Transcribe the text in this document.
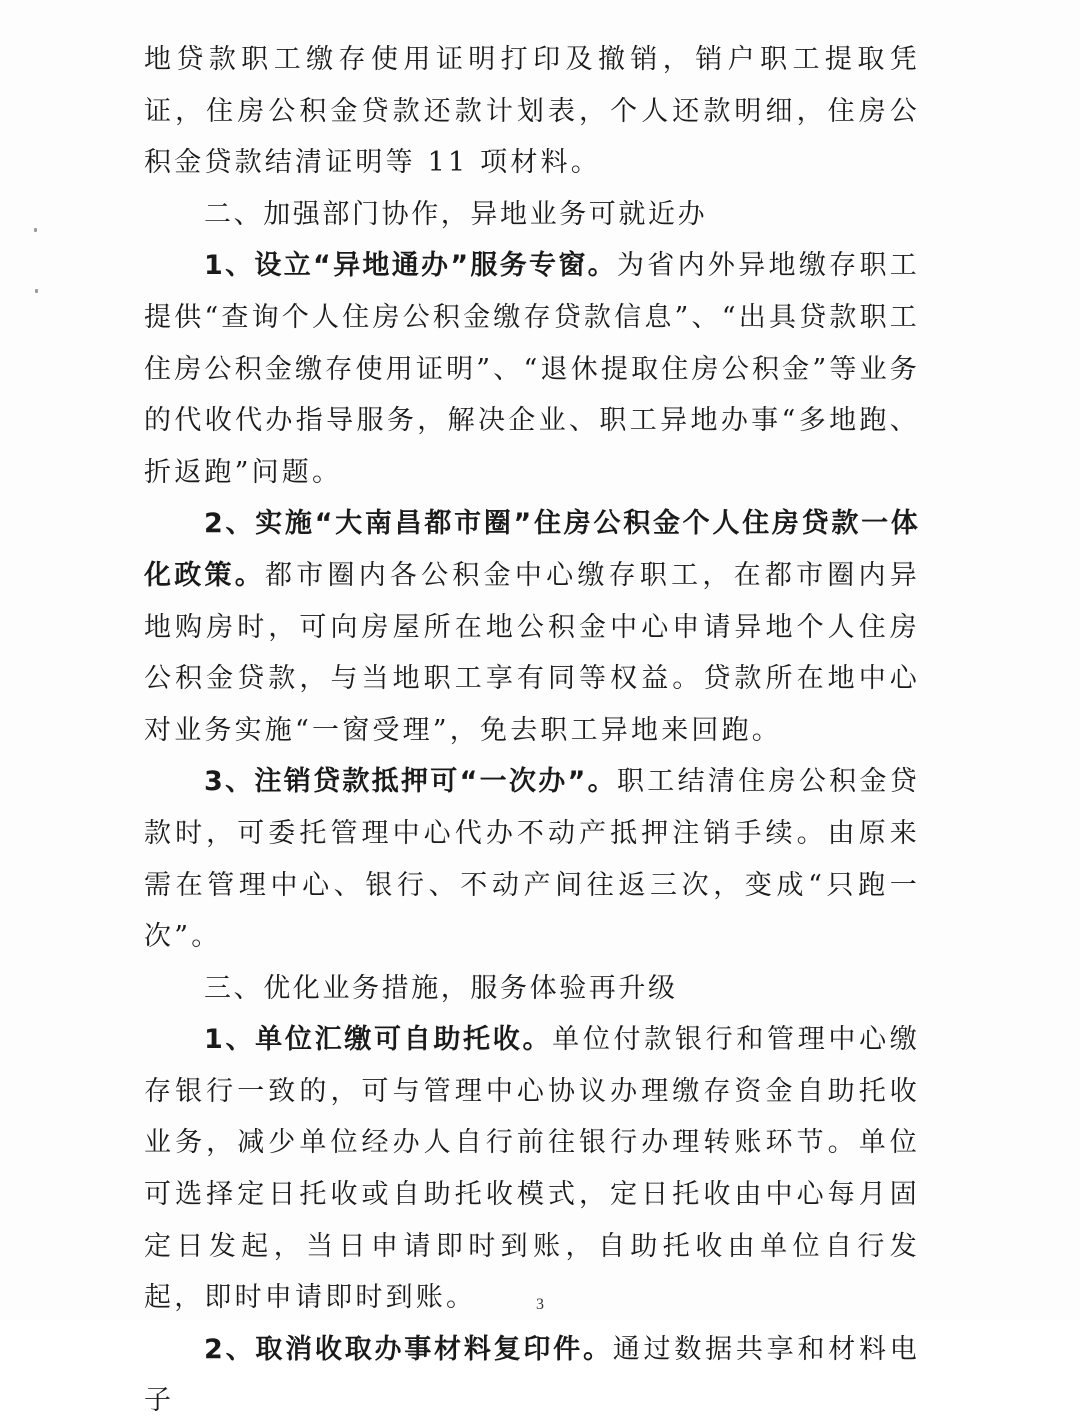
地贷款职工缴存使用证明打印及撤销，销户职工提取凭证，住房公积金贷款还款计划表，个人还款明细，住房公积金贷款结清证明等 11 项材料。

二、加强部门协作，异地业务可就近办

1、设立“异地通办”服务专窗。为省内外异地缴存职工提供“查询个人住房公积金缴存贷款信息”、“出具贷款职工住房公积金缴存使用证明”、“退休提取住房公积金”等业务的代收代办指导服务，解决企业、职工异地办事“多地跑、折返跑”问题。

2、实施“大南昌都市圈”住房公积金个人住房贷款一体化政策。都市圈内各公积金中心缴存职工，在都市圈内异地购房时，可向房屋所在地公积金中心申请异地个人住房公积金贷款，与当地职工享有同等权益。贷款所在地中心对业务实施“一窗受理”，免去职工异地来回跑。

3、注销贷款抵押可“一次办”。职工结清住房公积金贷款时，可委托管理中心代办不动产抵押注销手续。由原来需在管理中心、银行、不动产间往返三次，变成“只跑一次”。

三、优化业务措施，服务体验再升级

1、单位汇缴可自助托收。单位付款银行和管理中心缴存银行一致的，可与管理中心协议办理缴存资金自助托收业务，减少单位经办人自行前往银行办理转账环节。单位可选择定日托收或自助托收模式，定日托收由中心每月固定日发起，当日申请即时到账，自助托收由单位自行发起，即时申请即时到账。

2、取消收取办事材料复印件。通过数据共享和材料电子

3
